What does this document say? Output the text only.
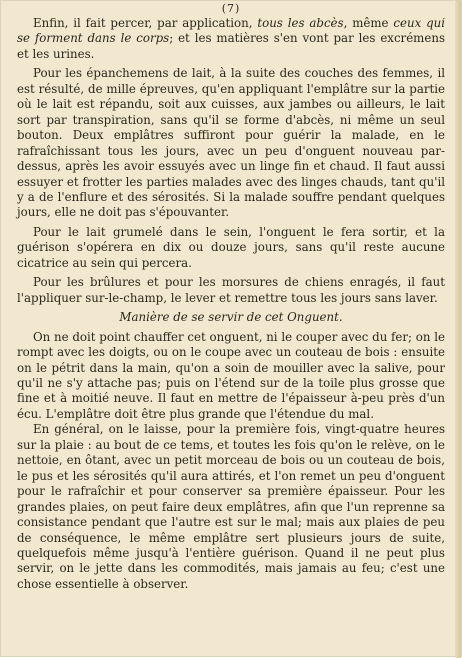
(7)

Enfin, il fait percer, par application, tous les abcès, même ceux qui se forment dans le corps; et les matières s'en vont par les excrémens et les urines.

Pour les épanchemens de lait, à la suite des couches des femmes, il est résulté, de mille épreuves, qu'en appliquant l'emplâtre sur la partie où le lait est répandu, soit aux cuisses, aux jambes ou ailleurs, le lait sort par transpiration, sans qu'il se forme d'abcès, ni même un seul bouton. Deux emplâtres suffiront pour guérir la malade, en le rafraîchissant tous les jours, avec un peu d'onguent nouveau par-dessus, après les avoir essuyés avec un linge fin et chaud. Il faut aussi essuyer et frotter les parties malades avec des linges chauds, tant qu'il y a de l'enflure et des sérosités. Si la malade souffre pendant quelques jours, elle ne doit pas s'épouvanter.

Pour le lait grumelé dans le sein, l'onguent le fera sortir, et la guérison s'opérera en dix ou douze jours, sans qu'il reste aucune cicatrice au sein qui percera.

Pour les brûlures et pour les morsures de chiens enragés, il faut l'appliquer sur-le-champ, le lever et remettre tous les jours sans laver.

Manière de se servir de cet Onguent.

On ne doit point chauffer cet onguent, ni le couper avec du fer; on le rompt avec les doigts, ou on le coupe avec un couteau de bois : ensuite on le pétrit dans la main, qu'on a soin de mouiller avec la salive, pour qu'il ne s'y attache pas; puis on l'étend sur de la toile plus grosse que fine et à moitié neuve. Il faut en mettre de l'épaisseur à-peu près d'un écu. L'emplâtre doit être plus grande que l'étendue du mal.

En général, on le laisse, pour la première fois, vingt-quatre heures sur la plaie : au bout de ce tems, et toutes les fois qu'on le relève, on le nettoie, en ôtant, avec un petit morceau de bois ou un couteau de bois, le pus et les sérosités qu'il aura attirés, et l'on remet un peu d'onguent pour le rafraîchir et pour conserver sa première épaisseur. Pour les grandes plaies, on peut faire deux emplâtres, afin que l'un reprenne sa consistance pendant que l'autre est sur le mal; mais aux plaies de peu de conséquence, le même emplâtre sert plusieurs jours de suite, quelquefois même jusqu'à l'entière guérison. Quand il ne peut plus servir, on le jette dans les commodités, mais jamais au feu; c'est une chose essentielle à observer.
